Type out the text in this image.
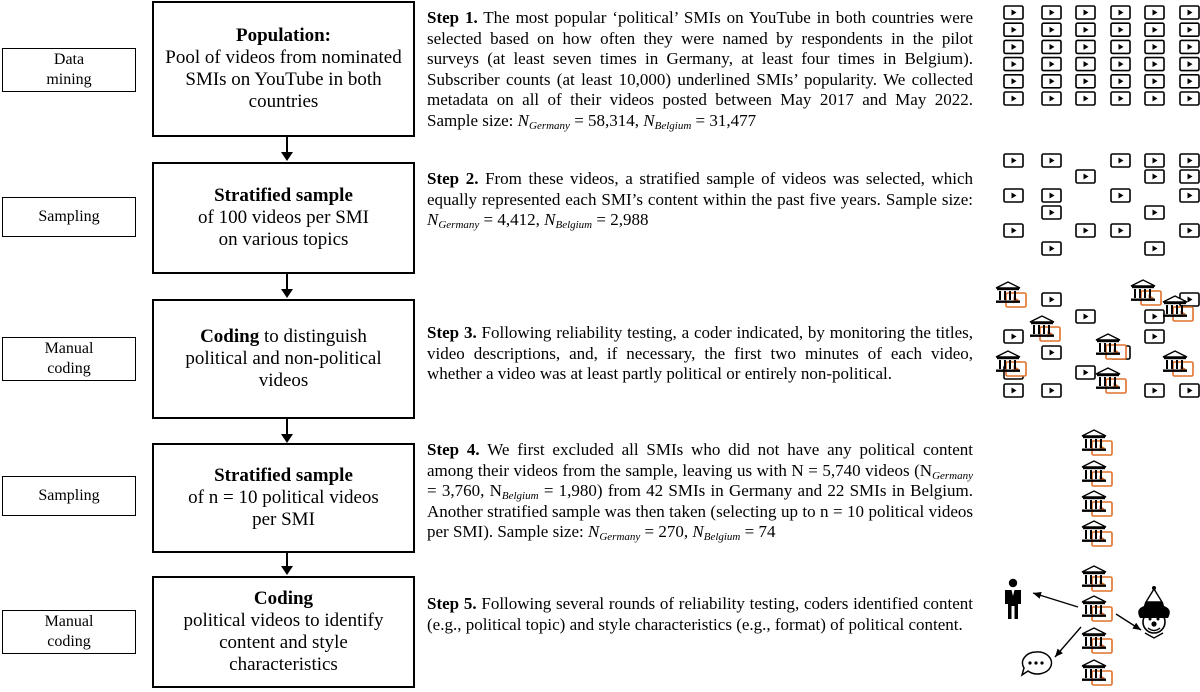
Data
mining
Population:
Pool of videos from nominated
SMIs on YouTube in both
countries
Step 1. The most popular ‘political’ SMIs on YouTube in both countries were selected based on how often they were named by respondents in the pilot surveys (at least seven times in Germany, at least four times in Belgium). Subscriber counts (at least 10,000) underlined SMIs’ popularity. We collected metadata on all of their videos posted between May 2017 and May 2022. Sample size: $N_{Germany} = 58,314$, $N_{Belgium} = 31,477$
Sampling
Stratified sample
of 100 videos per SMI
on various topics
Step 2. From these videos, a stratified sample of videos was selected, which equally represented each SMI’s content within the past five years. Sample size: $N_{Germany} = 4,412$, $N_{Belgium} = 2,988$
Manual
coding
Coding to distinguish
political and non-political
videos
Step 3. Following reliability testing, a coder indicated, by monitoring the titles, video descriptions, and, if necessary, the first two minutes of each video, whether a video was at least partly political or entirely non-political.
Sampling
Stratified sample
of n = 10 political videos
per SMI
Step 4. We first excluded all SMIs who did not have any political content among their videos from the sample, leaving us with N = 5,740 videos ($N_{Germany} = 3,760$, $N_{Belgium} = 1,980$) from 42 SMIs in Germany and 22 SMIs in Belgium. Another stratified sample was then taken (selecting up to n = 10 political videos per SMI). Sample size: $N_{Germany} = 270$, $N_{Belgium} = 74$
Manual
coding
Coding
political videos to identify
content and style
characteristics
Step 5. Following several rounds of reliability testing, coders identified content (e.g., political topic) and style characteristics (e.g., format) of political content.
